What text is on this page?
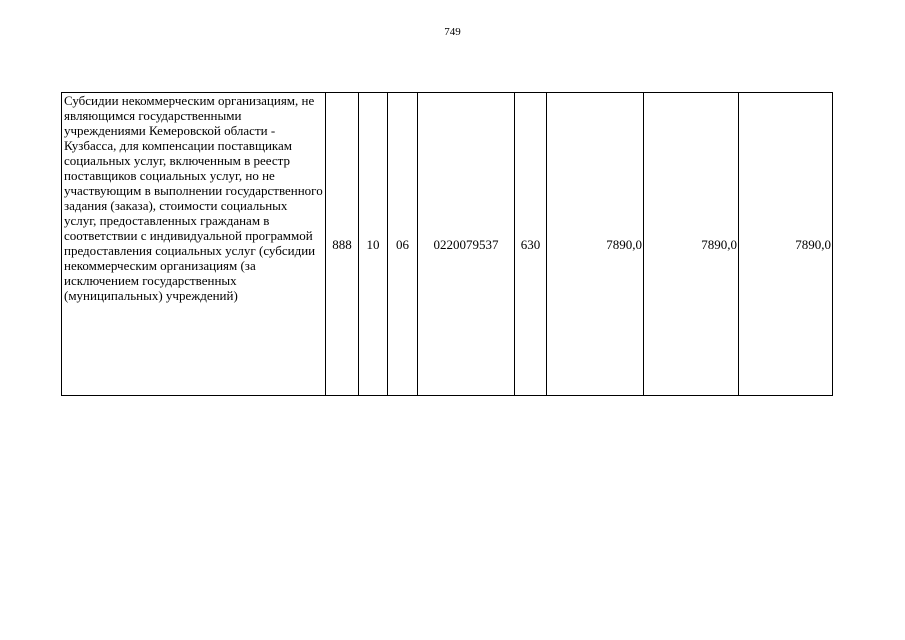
749
Субсидии некоммерческим организациям, не являющимся государственными учреждениями Кемеровской области - Кузбасса, для компенсации поставщикам социальных услуг, включенным в реестр поставщиков социальных услуг, но не участвующим в выполнении государственного задания (заказа), стоимости социальных услуг, предоставленных гражданам в соответствии с индивидуальной программой предоставления социальных услуг (субсидии некоммерческим организациям (за исключением государственных (муниципальных) учреждений)	888	10	06	0220079537	630	7890,0	7890,0	7890,0
